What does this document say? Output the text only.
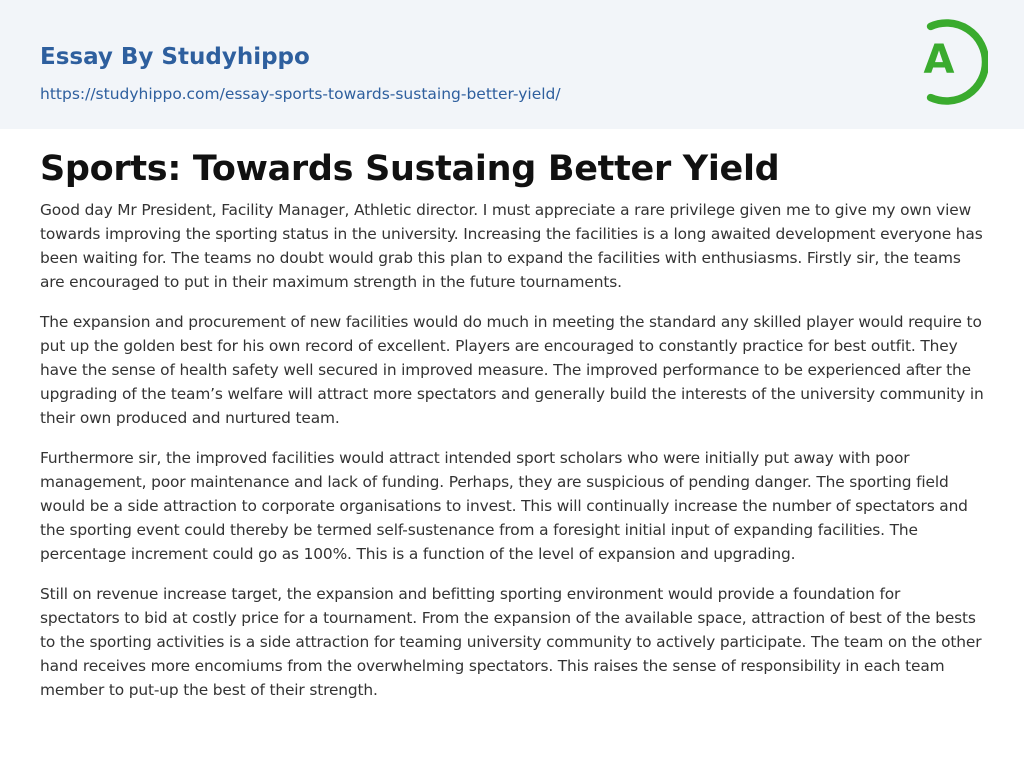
Essay By Studyhippo
https://studyhippo.com/essay-sports-towards-sustaing-better-yield/
A
Sports: Towards Sustaing Better Yield

Good day Mr President, Facility Manager, Athletic director. I must appreciate a rare privilege given me to give my own view towards improving the sporting status in the university. Increasing the facilities is a long awaited development everyone has been waiting for. The teams no doubt would grab this plan to expand the facilities with enthusiasms. Firstly sir, the teams are encouraged to put in their maximum strength in the future tournaments.

The expansion and procurement of new facilities would do much in meeting the standard any skilled player would require to put up the golden best for his own record of excellent. Players are encouraged to constantly practice for best outfit. They have the sense of health safety well secured in improved measure. The improved performance to be experienced after the upgrading of the team’s welfare will attract more spectators and generally build the interests of the university community in their own produced and nurtured team.

Furthermore sir, the improved facilities would attract intended sport scholars who were initially put away with poor management, poor maintenance and lack of funding. Perhaps, they are suspicious of pending danger. The sporting field would be a side attraction to corporate organisations to invest. This will continually increase the number of spectators and the sporting event could thereby be termed self-sustenance from a foresight initial input of expanding facilities. The percentage increment could go as 100%. This is a function of the level of expansion and upgrading.

Still on revenue increase target, the expansion and befitting sporting environment would provide a foundation for spectators to bid at costly price for a tournament. From the expansion of the available space, attraction of best of the bests to the sporting activities is a side attraction for teaming university community to actively participate. The team on the other hand receives more encomiums from the overwhelming spectators. This raises the sense of responsibility in each team member to put-up the best of their strength.
